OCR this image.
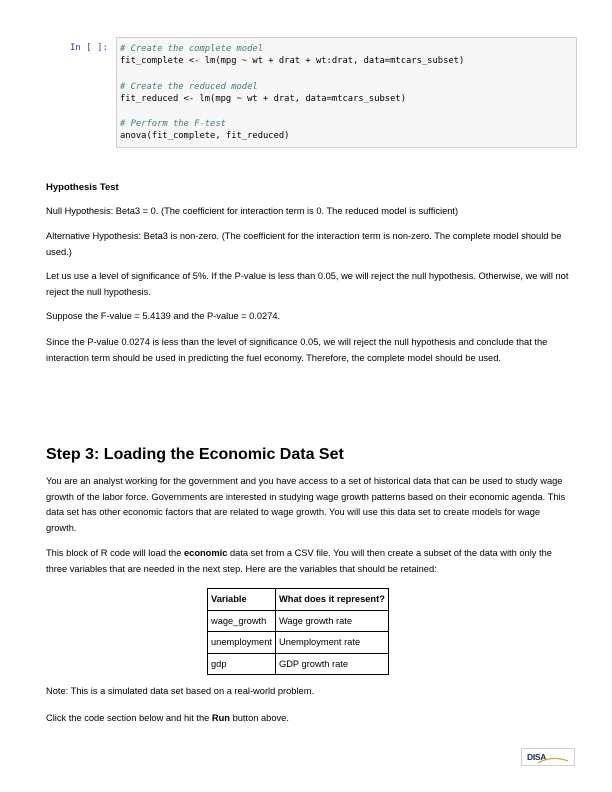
In [ ]: # Create the complete model
fit_complete <- lm(mpg ~ wt + drat + wt:drat, data=mtcars_subset)
# Create the reduced model
fit_reduced <- lm(mpg ~ wt + drat, data=mtcars_subset)
# Perform the F-test
anova(fit_complete, fit_reduced)
Hypothesis Test
Null Hypothesis: Beta3 = 0. (The coefficient for interaction term is 0. The reduced model is sufficient)
Alternative Hypothesis: Beta3 is non-zero. (The coefficient for the interaction term is non-zero. The complete model should be used.)
Let us use a level of significance of 5%. If the P-value is less than 0.05, we will reject the null hypothesis. Otherwise, we will not reject the null hypothesis.
Suppose the F-value = 5.4139 and the P-value = 0.0274.
Since the P-value 0.0274 is less than the level of significance 0.05, we will reject the null hypothesis and conclude that the interaction term should be used in predicting the fuel economy. Therefore, the complete model should be used.
Step 3: Loading the Economic Data Set
You are an analyst working for the government and you have access to a set of historical data that can be used to study wage growth of the labor force. Governments are interested in studying wage growth patterns based on their economic agenda. This data set has other economic factors that are related to wage growth. You will use this data set to create models for wage growth.
This block of R code will load the economic data set from a CSV file. You will then create a subset of the data with only the three variables that are needed in the next step. Here are the variables that should be retained:
Variable	What does it represent?
wage_growth	Wage growth rate
unemployment	Unemployment rate
gdp	GDP growth rate
Note: This is a simulated data set based on a real-world problem.
Click the code section below and hit the Run button above.
DISA
